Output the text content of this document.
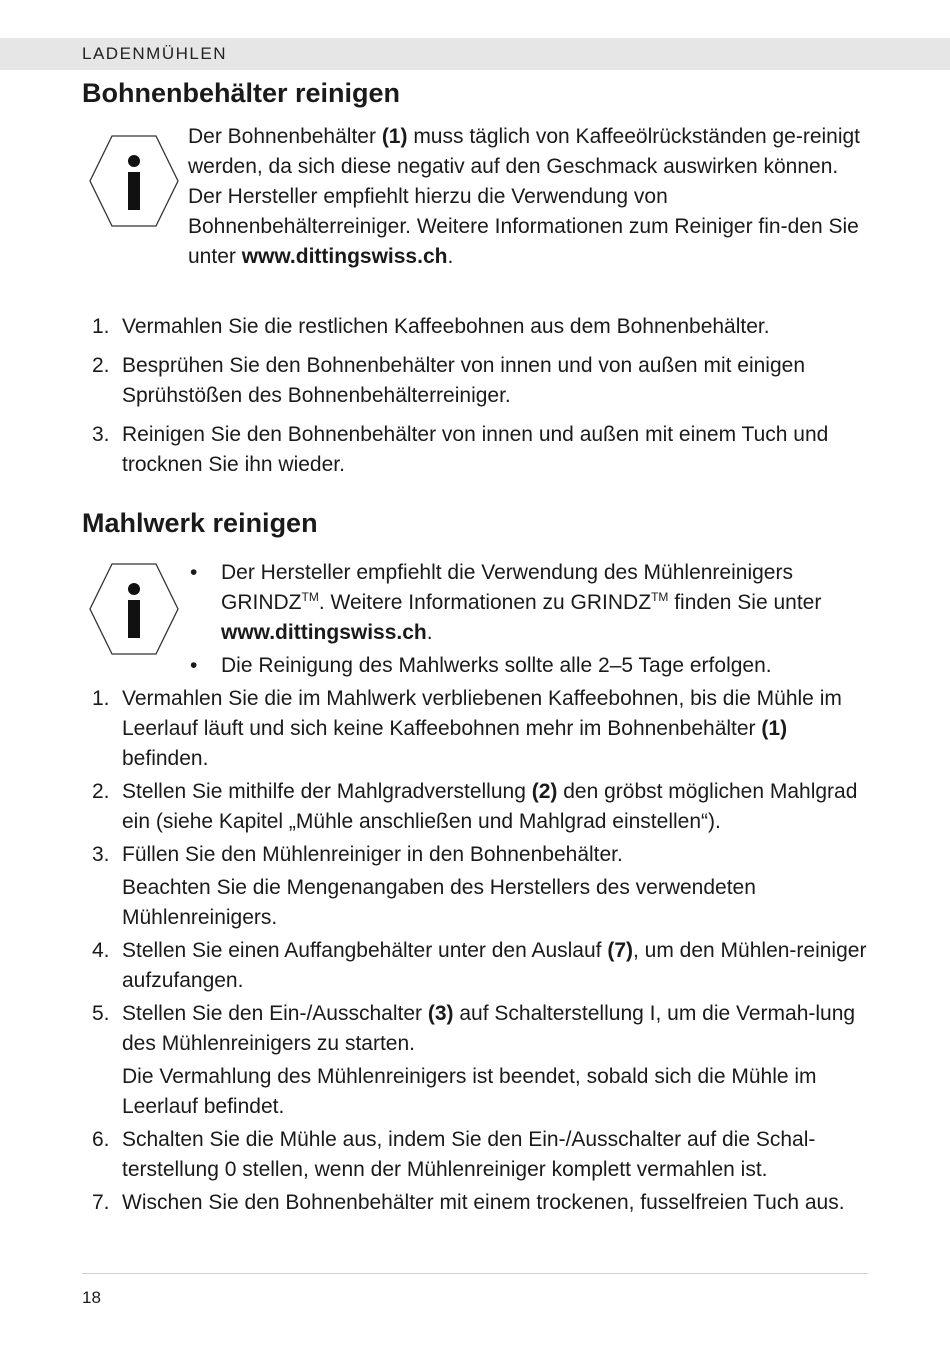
LADENMÜHLEN
Bohnenbehälter reinigen

Der Bohnenbehälter (1) muss täglich von Kaffeeölrückständen ge-reinigt werden, da sich diese negativ auf den Geschmack auswirken können.

Der Hersteller empfiehlt hierzu die Verwendung von Bohnenbehälterreiniger. Weitere Informationen zum Reiniger fin-den Sie unter www.dittingswiss.ch.

1. Vermahlen Sie die restlichen Kaffeebohnen aus dem Bohnenbehälter.

2. Besprühen Sie den Bohnenbehälter von innen und von außen mit einigen Sprühstößen des Bohnenbehälterreiniger.

3. Reinigen Sie den Bohnenbehälter von innen und außen mit einem Tuch und trocknen Sie ihn wieder.

Mahlwerk reinigen
• Der Hersteller empfiehlt die Verwendung des Mühlenreinigers GRINDZ™. Weitere Informationen zu GRINDZ™ finden Sie unter www.dittingswiss.ch.
• Die Reinigung des Mahlwerks sollte alle 2–5 Tage erfolgen.
1. Vermahlen Sie die im Mahlwerk verbliebenen Kaffeebohnen, bis die Mühle im Leerlauf läuft und sich keine Kaffeebohnen mehr im Bohnenbehälter (1) befinden.

2. Stellen Sie mithilfe der Mahlgradverstellung (2) den gröbst möglichen Mahlgrad ein (siehe Kapitel „Mühle anschließen und Mahlgrad einstellen“).

3. Füllen Sie den Mühlenreiniger in den Bohnenbehälter.

Beachten Sie die Mengenangaben des Herstellers des verwendeten Mühlenreinigers.

4. Stellen Sie einen Auffangbehälter unter den Auslauf (7), um den Mühlen-reiniger aufzufangen.

5. Stellen Sie den Ein-/Ausschalter (3) auf Schalterstellung I, um die Vermah-lung des Mühlenreinigers zu starten.

Die Vermahlung des Mühlenreinigers ist beendet, sobald sich die Mühle im Leerlauf befindet.

6. Schalten Sie die Mühle aus, indem Sie den Ein-/Ausschalter auf die Schal-terstellung 0 stellen, wenn der Mühlenreiniger komplett vermahlen ist.

7. Wischen Sie den Bohnenbehälter mit einem trockenen, fusselfreien Tuch aus.

18
